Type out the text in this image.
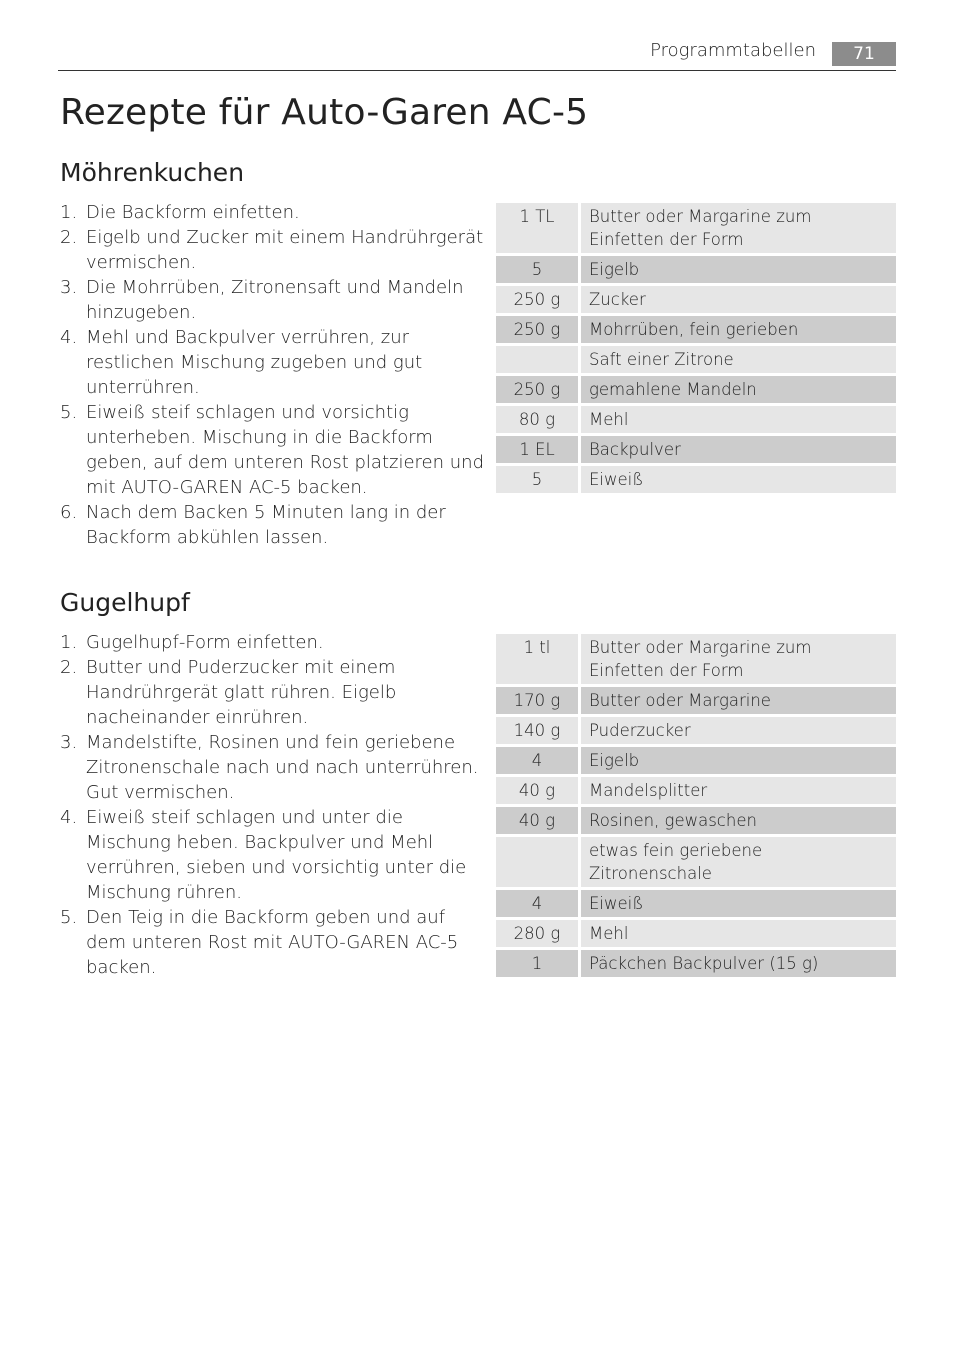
Programmtabellen	71
Rezepte für Auto-Garen AC-5
Möhrenkuchen
1. Die Backform einfetten.
2. Eigelb und Zucker mit einem Handrührgerät vermischen.
3. Die Mohrrüben, Zitronensaft und Mandeln hinzugeben.
4. Mehl und Backpulver verrühren, zur restlichen Mischung zugeben und gut unterrühren.
5. Eiweiß steif schlagen und vorsichtig unterheben. Mischung in die Backform geben, auf dem unteren Rost platzieren und mit AUTO-GAREN AC-5 backen.
6. Nach dem Backen 5 Minuten lang in der Backform abkühlen lassen.
1 TL	Butter oder Margarine zum Einfetten der Form
5	Eigelb
250 g	Zucker
250 g	Mohrrüben, fein gerieben
	Saft einer Zitrone
250 g	gemahlene Mandeln
80 g	Mehl
1 EL	Backpulver
5	Eiweiß
Gugelhupf
1. Gugelhupf-Form einfetten.
2. Butter und Puderzucker mit einem Handrührgerät glatt rühren. Eigelb nacheinander einrühren.
3. Mandelstifte, Rosinen und fein geriebene Zitronenschale nach und nach unterrühren. Gut vermischen.
4. Eiweiß steif schlagen und unter die Mischung heben. Backpulver und Mehl verrühren, sieben und vorsichtig unter die Mischung rühren.
5. Den Teig in die Backform geben und auf dem unteren Rost mit AUTO-GAREN AC-5 backen.
1 tl	Butter oder Margarine zum Einfetten der Form
170 g	Butter oder Margarine
140 g	Puderzucker
4	Eigelb
40 g	Mandelsplitter
40 g	Rosinen, gewaschen
	etwas fein geriebene Zitronenschale
4	Eiweiß
280 g	Mehl
1	Päckchen Backpulver (15 g)
